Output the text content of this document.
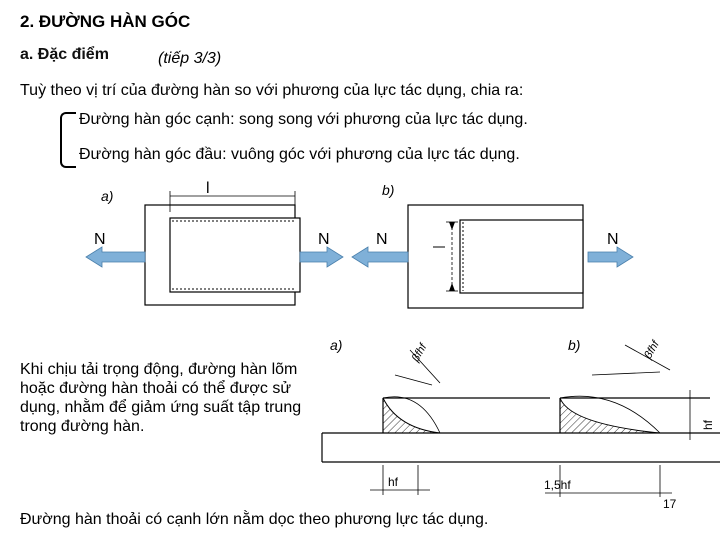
2. ĐƯỜNG HÀN GÓC
a. Đặc điểm	(tiếp 3/3)
Tuỳ theo vị trí của đường hàn so với phương của lực tác dụng, chia ra:
Đường hàn góc cạnh: song song với phương của lực tác dụng.
Đường hàn góc đầu: vuông góc với phương của lực tác dụng.
a)	l
N	N
b)
N	N
a)	βfhf
hf
b)	βfhf
hf
1,5hf
Khi chịu tải trọng động, đường hàn lõm hoặc đường hàn thoải có thể được sử dụng, nhằm để giảm ứng suất tập trung trong đường hàn.
Đường hàn thoải có cạnh lớn nằm dọc theo phương lực tác dụng.
17
